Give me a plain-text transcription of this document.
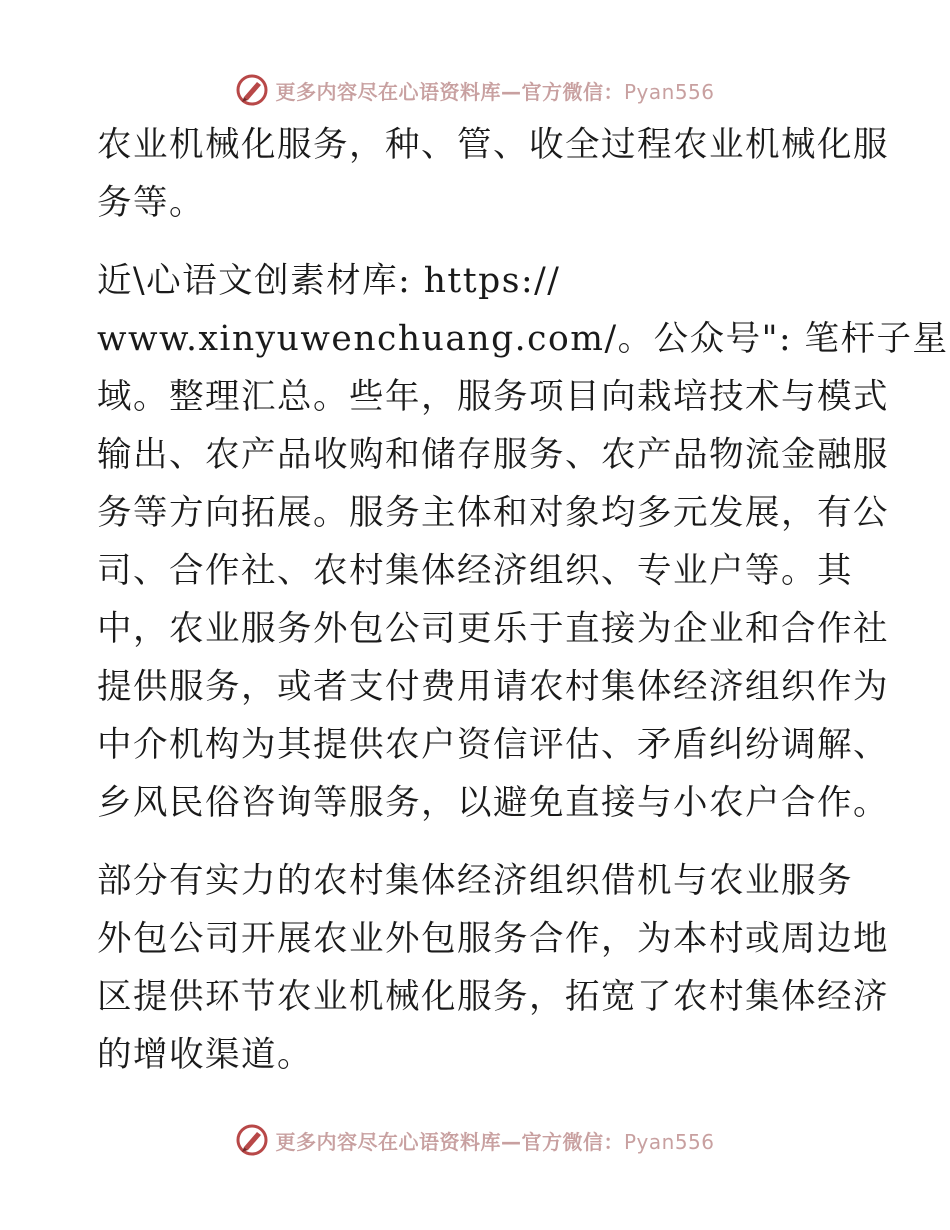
更多内容尽在心语资料库—官方微信：Pyan556
农业机械化服务，种、管、收全过程农业机械化服
务等。
近\心语文创素材库: https://
www.xinyuwenchuang.com/。公众号": 笔杆子星
域。整理汇总。些年，服务项目向栽培技术与模式
输出、农产品收购和储存服务、农产品物流金融服
务等方向拓展。服务主体和对象均多元发展，有公
司、合作社、农村集体经济组织、专业户等。其
中，农业服务外包公司更乐于直接为企业和合作社
提供服务，或者支付费用请农村集体经济组织作为
中介机构为其提供农户资信评估、矛盾纠纷调解、
乡风民俗咨询等服务，以避免直接与小农户合作。
部分有实力的农村集体经济组织借机与农业服务
外包公司开展农业外包服务合作，为本村或周边地
区提供环节农业机械化服务，拓宽了农村集体经济
的增收渠道。
更多内容尽在心语资料库—官方微信：Pyan556
